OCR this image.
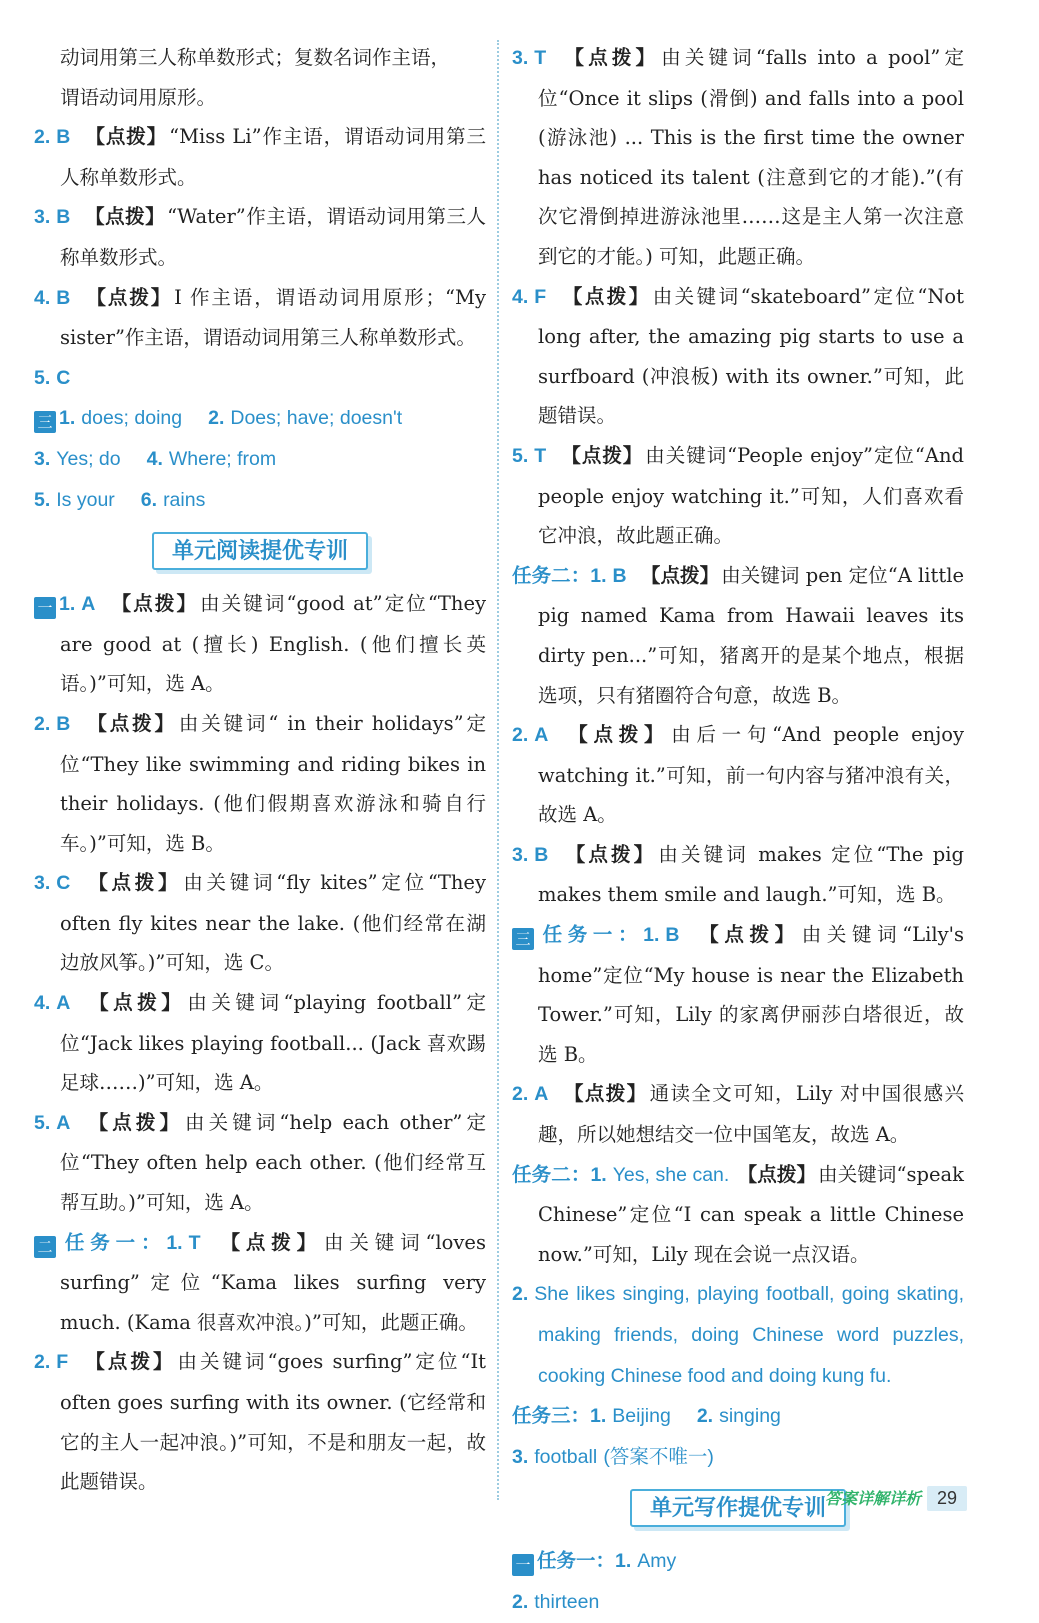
动词用第三人称单数形式；复数名词作主语，
谓语动词用原形。
2. B 【点拨】 “Miss Li”作主语，谓语动词用第三人称单数形式。
3. B 【点拨】 “Water”作主语，谓语动词用第三人称单数形式。
4. B 【点拨】 I 作主语，谓语动词用原形；“My sister”作主语，谓语动词用第三人称单数形式。
5. C
三 1. does; doing 2. Does; have; doesn't
3. Yes; do 4. Where; from
5. Is your 6. rains
单元阅读提优专训
一 1. A 【点拨】 由关键词“good at”定位“They are good at (擅长) English. (他们擅长英语。)”可知，选 A。
2. B 【点拨】 由关键词“ in their holidays”定位“They like swimming and riding bikes in their holidays. (他们假期喜欢游泳和骑自行车。)”可知，选 B。
3. C 【点拨】 由关键词“fly kites”定位“They often fly kites near the lake. (他们经常在湖边放风筝。)”可知，选 C。
4. A 【点拨】 由关键词“playing football”定位“Jack likes playing football... (Jack 喜欢踢足球……)”可知，选 A。
5. A 【点拨】 由关键词“help each other”定位“They often help each other. (他们经常互帮互助。)”可知，选 A。
二 任务一：1. T 【点拨】 由关键词“loves surfing”定位“Kama likes surfing very much. (Kama 很喜欢冲浪。)”可知，此题正确。
2. F 【点拨】 由关键词“goes surfing”定位“It often goes surfing with its owner. (它经常和它的主人一起冲浪。)”可知，不是和朋友一起，故此题错误。
3. T 【点拨】 由关键词“falls into a pool”定位“Once it slips (滑倒) and falls into a pool (游泳池) ... This is the first time the owner has noticed its talent (注意到它的才能).”(有次它滑倒掉进游泳池里……这是主人第一次注意到它的才能。) 可知，此题正确。
4. F 【点拨】 由关键词“skateboard”定位“Not long after, the amazing pig starts to use a surfboard (冲浪板) with its owner.”可知，此题错误。
5. T 【点拨】 由关键词“People enjoy”定位“And people enjoy watching it.”可知，人们喜欢看它冲浪，故此题正确。
任务二：1. B 【点拨】 由关键词 pen 定位“A little pig named Kama from Hawaii leaves its dirty pen...”可知，猪离开的是某个地点，根据选项，只有猪圈符合句意，故选 B。
2. A 【点拨】 由后一句“And people enjoy watching it.”可知，前一句内容与猪冲浪有关，故选 A。
3. B 【点拨】 由关键词 makes 定位“The pig makes them smile and laugh.”可知，选 B。
三 任务一：1. B 【点拨】 由关键词“Lily's home”定位“My house is near the Elizabeth Tower.”可知，Lily 的家离伊丽莎白塔很近，故选 B。
2. A 【点拨】 通读全文可知，Lily 对中国很感兴趣，所以她想结交一位中国笔友，故选 A。
任务二：1. Yes, she can. 【点拨】 由关键词“speak Chinese”定位“I can speak a little Chinese now.”可知，Lily 现在会说一点汉语。
2. She likes singing, playing football, going skating, making friends, doing Chinese word puzzles, cooking Chinese food and doing kung fu.
任务三：1. Beijing 2. singing
3. football (答案不唯一)
单元写作提优专训
一 任务一：1. Amy
2. thirteen
答案详解详析 29
